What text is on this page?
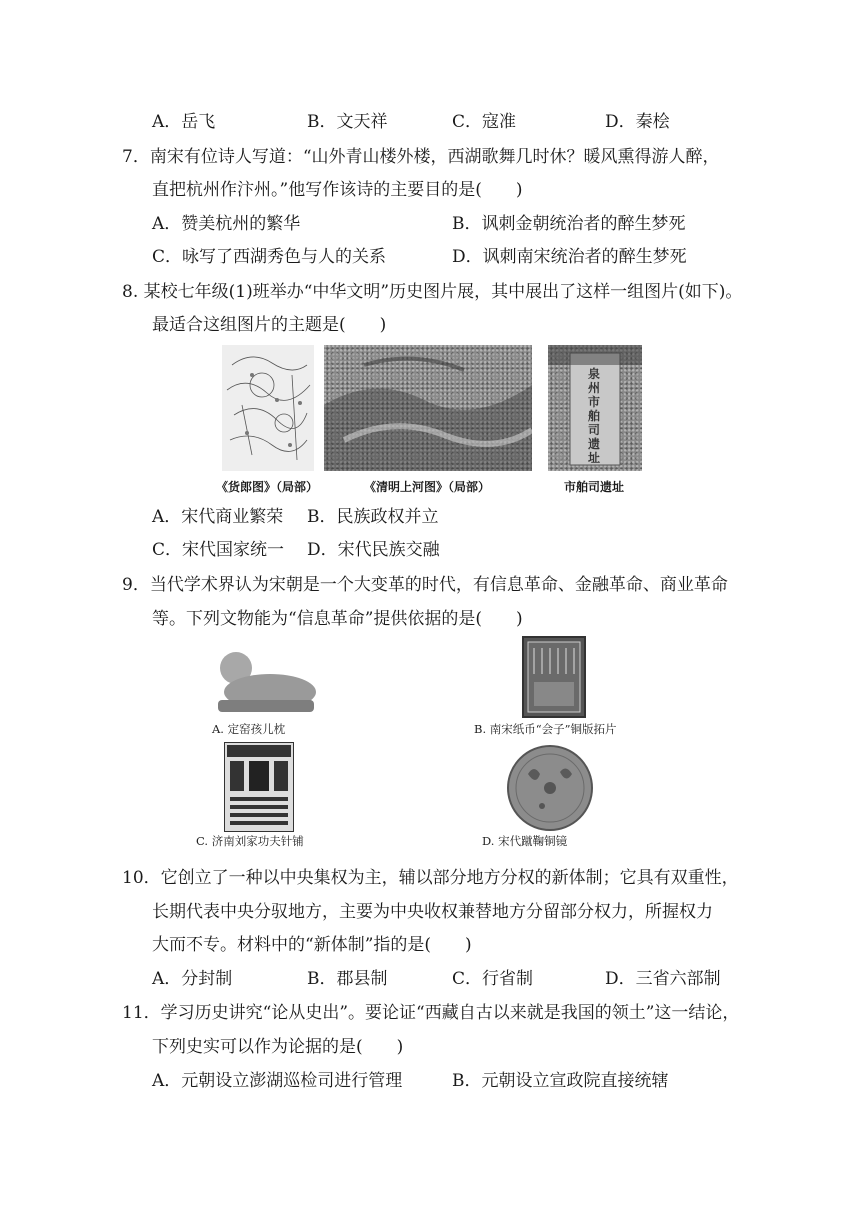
A．岳飞	B．文天祥	C．寇准	D．秦桧
7．南宋有位诗人写道：“山外青山楼外楼，西湖歌舞几时休？暖风熏得游人醉，
直把杭州作汴州。”他写作该诗的主要目的是(　　)
A．赞美杭州的繁华	B．讽刺金朝统治者的醉生梦死
C．咏写了西湖秀色与人的关系	D．讽刺南宋统治者的醉生梦死
8. 某校七年级(1)班举办“中华文明”历史图片展，其中展出了这样一组图片(如下)。
最适合这组图片的主题是(　　)
泉州市舶司遗址
《货郎图》（局部）	《清明上河图》（局部）	市舶司遗址
A．宋代商业繁荣 B．民族政权并立
C．宋代国家统一 D．宋代民族交融
9．当代学术界认为宋朝是一个大变革的时代，有信息革命、金融革命、商业革命
等。下列文物能为“信息革命”提供依据的是(　　)
A. 定窑孩儿枕	B. 南宋纸币“会子”铜版拓片
C. 济南刘家功夫针铺	D. 宋代蹴鞠铜镜
10．它创立了一种以中央集权为主，辅以部分地方分权的新体制；它具有双重性，
长期代表中央分驭地方，主要为中央收权兼替地方分留部分权力，所握权力
大而不专。材料中的“新体制”指的是(　　)
A．分封制	B．郡县制	C．行省制	D．三省六部制
11．学习历史讲究“论从史出”。要论证“西藏自古以来就是我国的领土”这一结论，
下列史实可以作为论据的是(　　)
A．元朝设立澎湖巡检司进行管理	B．元朝设立宣政院直接统辖
